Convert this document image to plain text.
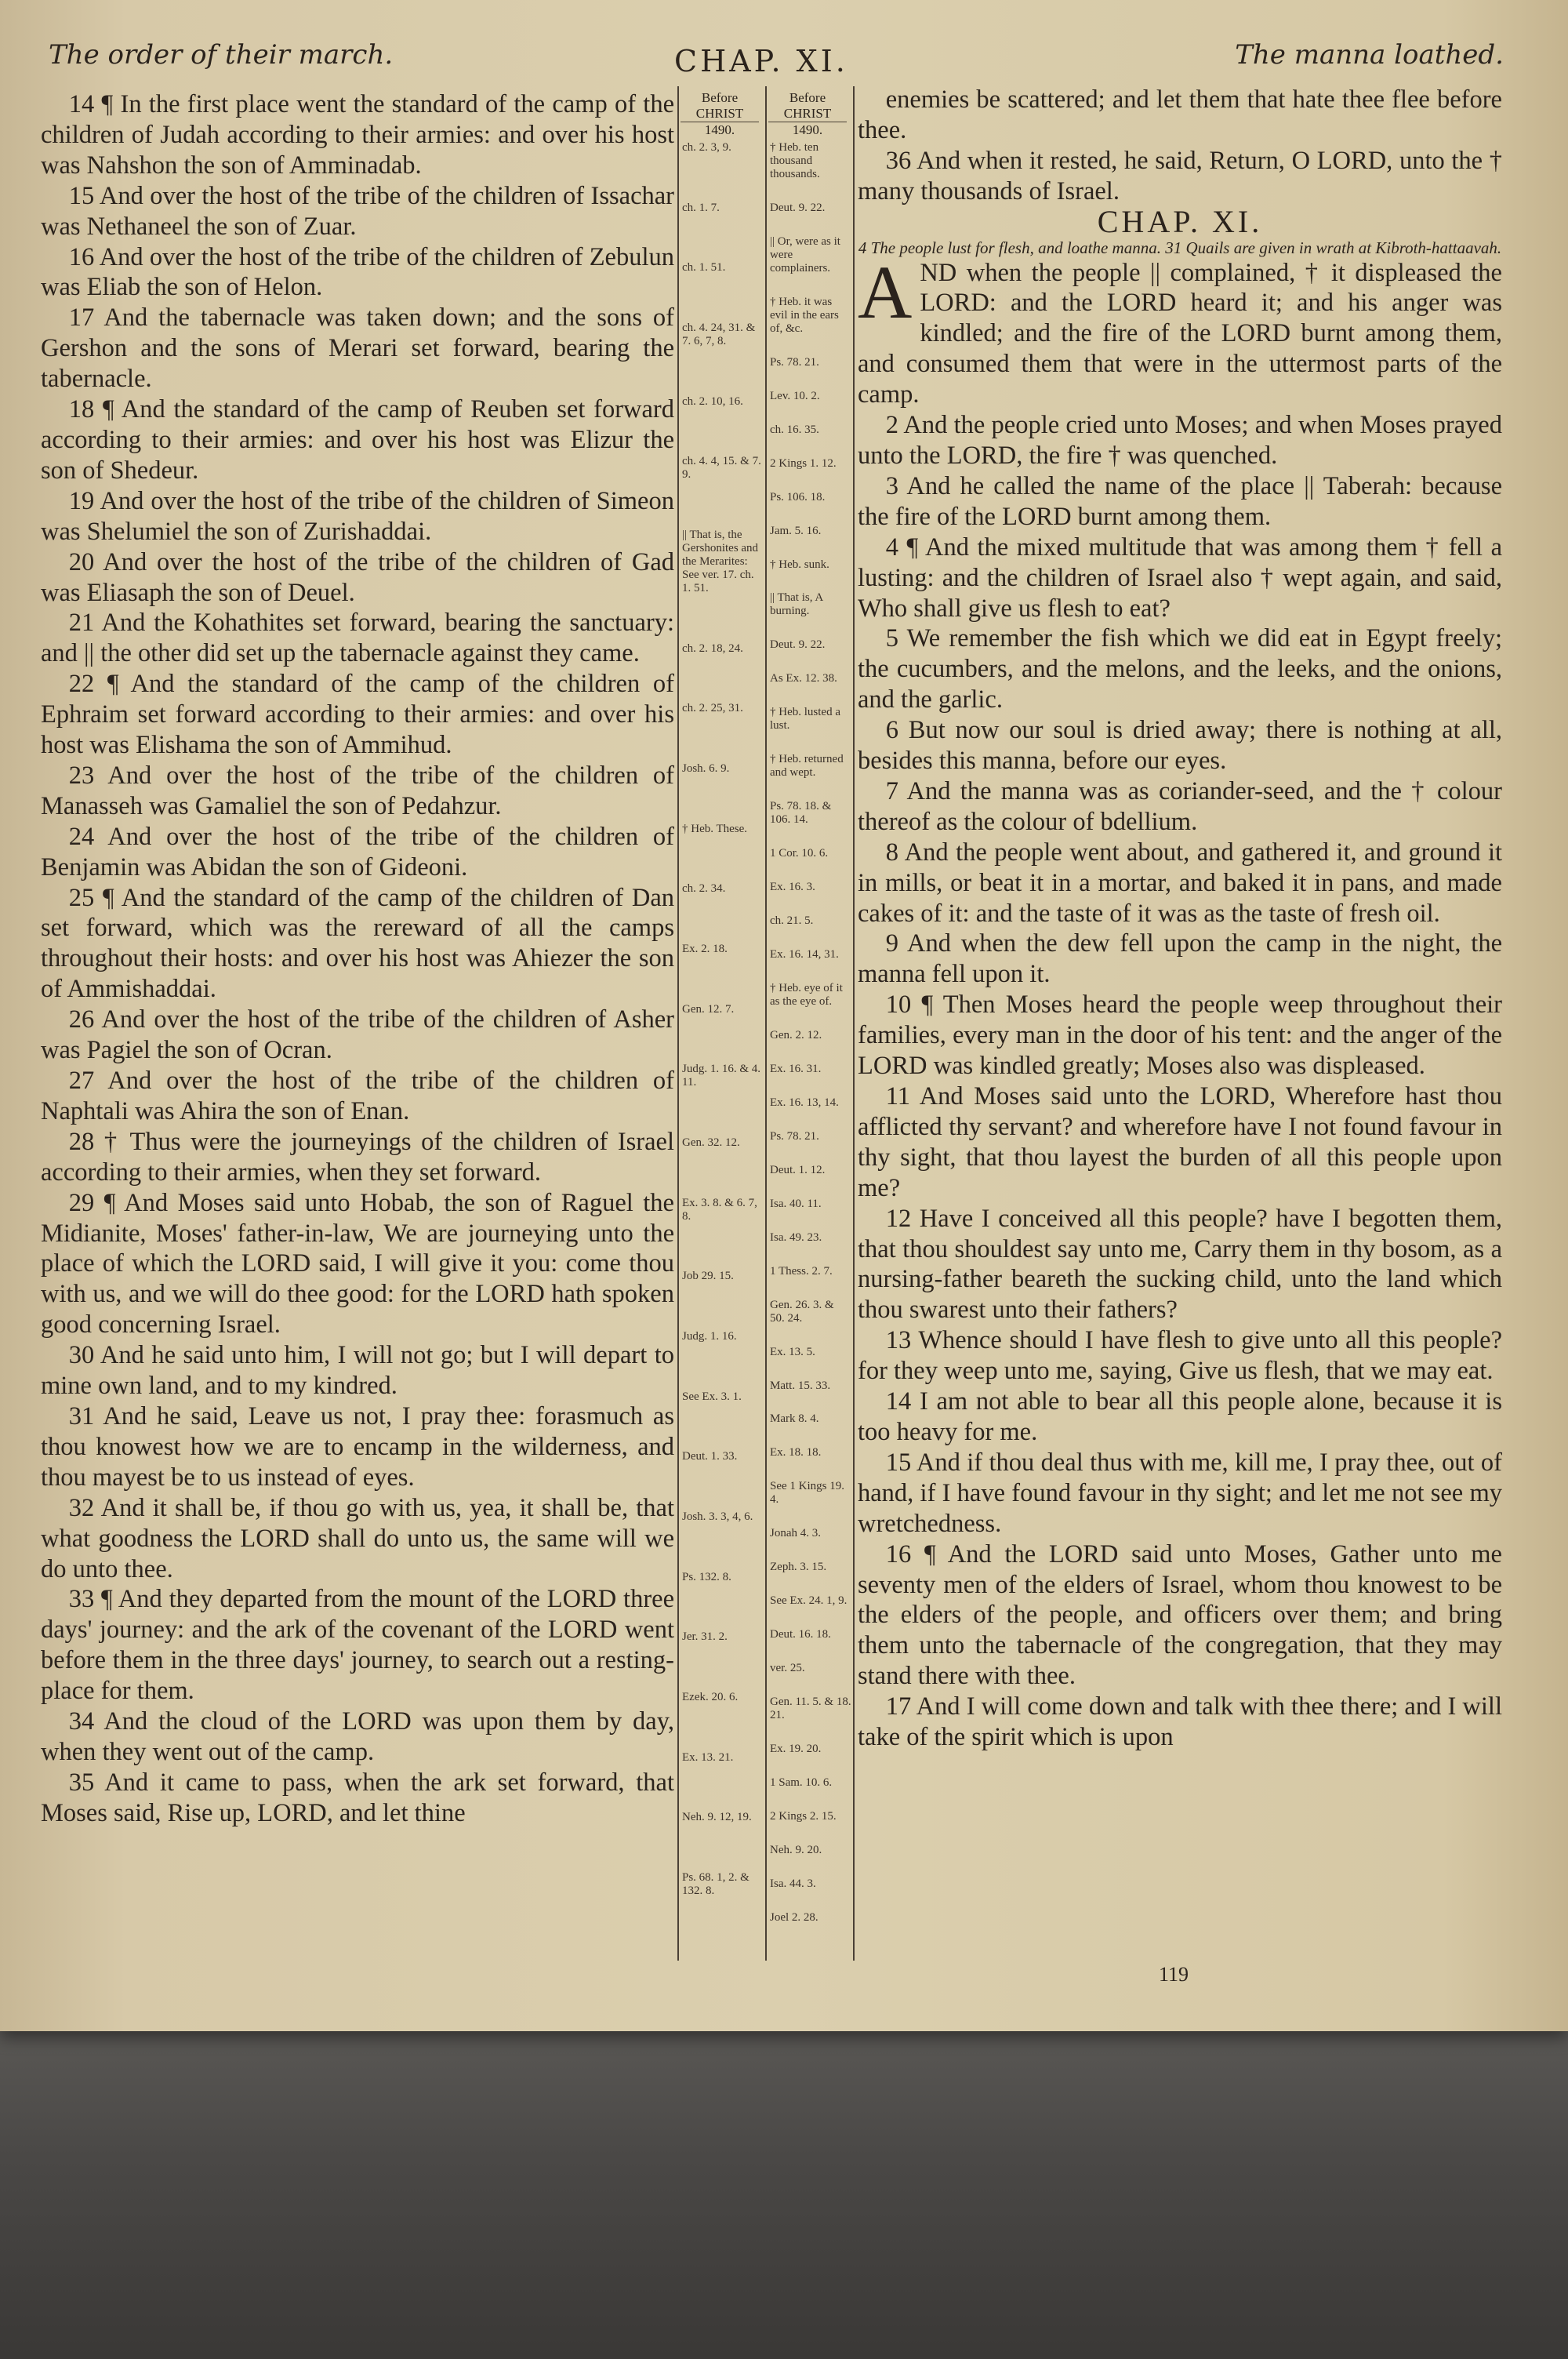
The order of their march.	CHAP. XI.	The manna loathed.
Before
CHRIST
1490.
Before
CHRIST
1490.

14 ¶ In the first place went the standard of the camp of the children of Judah according to their armies: and over his host was Nahshon the son of Amminadab.

15 And over the host of the tribe of the children of Issachar was Nethaneel the son of Zuar.

16 And over the host of the tribe of the children of Zebulun was Eliab the son of Helon.

17 And the tabernacle was taken down; and the sons of Gershon and the sons of Merari set forward, bearing the tabernacle.

18 ¶ And the standard of the camp of Reuben set forward according to their armies: and over his host was Elizur the son of Shedeur.

19 And over the host of the tribe of the children of Simeon was Shelumiel the son of Zurishaddai.

20 And over the host of the tribe of the children of Gad was Eliasaph the son of Deuel.

21 And the Kohathites set forward, bearing the sanctuary: and || the other did set up the tabernacle against they came.

22 ¶ And the standard of the camp of the children of Ephraim set forward according to their armies: and over his host was Elishama the son of Ammihud.

23 And over the host of the tribe of the children of Manasseh was Gamaliel the son of Pedahzur.

24 And over the host of the tribe of the children of Benjamin was Abidan the son of Gideoni.

25 ¶ And the standard of the camp of the children of Dan set forward, which was the rereward of all the camps throughout their hosts: and over his host was Ahiezer the son of Ammishaddai.

26 And over the host of the tribe of the children of Asher was Pagiel the son of Ocran.

27 And over the host of the tribe of the children of Naphtali was Ahira the son of Enan.

28 † Thus were the journeyings of the children of Israel according to their armies, when they set forward.

29 ¶ And Moses said unto Hobab, the son of Raguel the Midianite, Moses' father-in-law, We are journeying unto the place of which the LORD said, I will give it you: come thou with us, and we will do thee good: for the LORD hath spoken good concerning Israel.

30 And he said unto him, I will not go; but I will depart to mine own land, and to my kindred.

31 And he said, Leave us not, I pray thee: forasmuch as thou knowest how we are to encamp in the wilderness, and thou mayest be to us instead of eyes.

32 And it shall be, if thou go with us, yea, it shall be, that what goodness the LORD shall do unto us, the same will we do unto thee.

33 ¶ And they departed from the mount of the LORD three days' journey: and the ark of the covenant of the LORD went before them in the three days' journey, to search out a resting-place for them.

34 And the cloud of the LORD was upon them by day, when they went out of the camp.

35 And it came to pass, when the ark set forward, that Moses said, Rise up, LORD, and let thine

ch. 2. 3, 9.
ch. 1. 7.
ch. 1. 51.
ch. 4. 24, 31. & 7. 6, 7, 8.
ch. 2. 10, 16.
ch. 4. 4, 15. & 7. 9.
|| That is, the Gershonites and the Merarites: See ver. 17. ch. 1. 51.
ch. 2. 18, 24.
ch. 2. 25, 31.
Josh. 6. 9.
† Heb. These.
ch. 2. 34.
Ex. 2. 18.
Gen. 12. 7.
Judg. 1. 16. & 4. 11.
Gen. 32. 12.
Ex. 3. 8. & 6. 7, 8.
Job 29. 15.
Judg. 1. 16.
See Ex. 3. 1.
Deut. 1. 33.
Josh. 3. 3, 4, 6.
Ps. 132. 8.
Jer. 31. 2.
Ezek. 20. 6.
Ex. 13. 21.
Neh. 9. 12, 19.
Ps. 68. 1, 2. & 132. 8.
† Heb. ten thousand thousands.
Deut. 9. 22.
|| Or, were as it were complainers.
† Heb. it was evil in the ears of, &c.
Ps. 78. 21.
Lev. 10. 2.
ch. 16. 35.
2 Kings 1. 12.
Ps. 106. 18.
Jam. 5. 16.
† Heb. sunk.
|| That is, A burning.
Deut. 9. 22.
As Ex. 12. 38.
† Heb. lusted a lust.
† Heb. returned and wept.
Ps. 78. 18. & 106. 14.
1 Cor. 10. 6.
Ex. 16. 3.
ch. 21. 5.
Ex. 16. 14, 31.
† Heb. eye of it as the eye of.
Gen. 2. 12.
Ex. 16. 31.
Ex. 16. 13, 14.
Ps. 78. 21.
Deut. 1. 12.
Isa. 40. 11.
Isa. 49. 23.
1 Thess. 2. 7.
Gen. 26. 3. & 50. 24.
Ex. 13. 5.
Matt. 15. 33.
Mark 8. 4.
Ex. 18. 18.
See 1 Kings 19. 4.
Jonah 4. 3.
Zeph. 3. 15.
See Ex. 24. 1, 9.
Deut. 16. 18.
ver. 25.
Gen. 11. 5. & 18. 21.
Ex. 19. 20.
1 Sam. 10. 6.
2 Kings 2. 15.
Neh. 9. 20.
Isa. 44. 3.
Joel 2. 28.

enemies be scattered; and let them that hate thee flee before thee.

36 And when it rested, he said, Return, O LORD, unto the † many thousands of Israel.

CHAP. XI.

4 The people lust for flesh, and loathe manna. 31 Quails are given in wrath at Kibroth-hattaavah.

AND when the people || complained, † it displeased the LORD: and the LORD heard it; and his anger was kindled; and the fire of the LORD burnt among them, and consumed them that were in the uttermost parts of the camp.

2 And the people cried unto Moses; and when Moses prayed unto the LORD, the fire † was quenched.

3 And he called the name of the place || Taberah: because the fire of the LORD burnt among them.

4 ¶ And the mixed multitude that was among them † fell a lusting: and the children of Israel also † wept again, and said, Who shall give us flesh to eat?

5 We remember the fish which we did eat in Egypt freely; the cucumbers, and the melons, and the leeks, and the onions, and the garlic.

6 But now our soul is dried away; there is nothing at all, besides this manna, before our eyes.

7 And the manna was as coriander-seed, and the † colour thereof as the colour of bdellium.

8 And the people went about, and gathered it, and ground it in mills, or beat it in a mortar, and baked it in pans, and made cakes of it: and the taste of it was as the taste of fresh oil.

9 And when the dew fell upon the camp in the night, the manna fell upon it.

10 ¶ Then Moses heard the people weep throughout their families, every man in the door of his tent: and the anger of the LORD was kindled greatly; Moses also was displeased.

11 And Moses said unto the LORD, Wherefore hast thou afflicted thy servant? and wherefore have I not found favour in thy sight, that thou layest the burden of all this people upon me?

12 Have I conceived all this people? have I begotten them, that thou shouldest say unto me, Carry them in thy bosom, as a nursing-father beareth the sucking child, unto the land which thou swarest unto their fathers?

13 Whence should I have flesh to give unto all this people? for they weep unto me, saying, Give us flesh, that we may eat.

14 I am not able to bear all this people alone, because it is too heavy for me.

15 And if thou deal thus with me, kill me, I pray thee, out of hand, if I have found favour in thy sight; and let me not see my wretchedness.

16 ¶ And the LORD said unto Moses, Gather unto me seventy men of the elders of Israel, whom thou knowest to be the elders of the people, and officers over them; and bring them unto the tabernacle of the congregation, that they may stand there with thee.

17 And I will come down and talk with thee there; and I will take of the spirit which is upon

119
